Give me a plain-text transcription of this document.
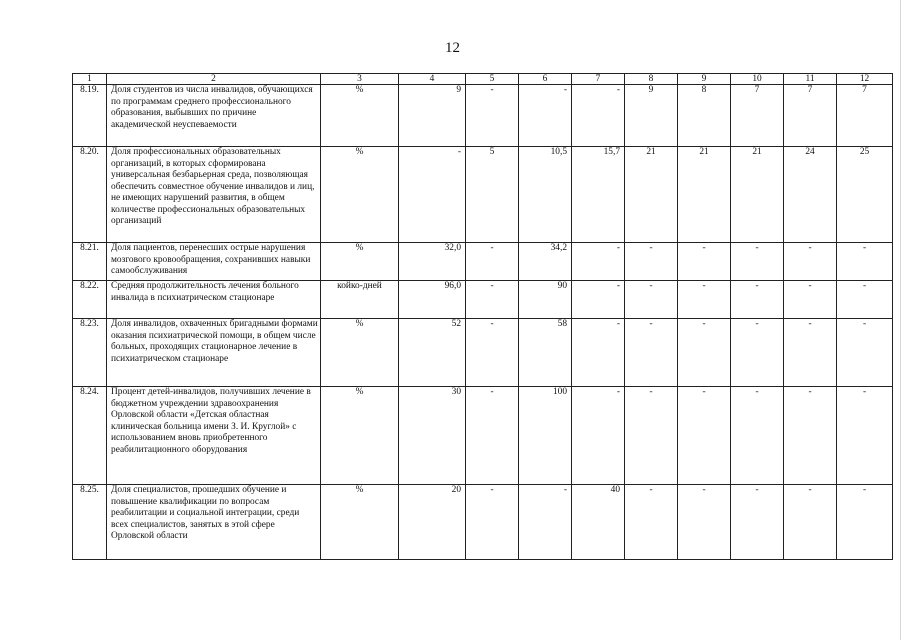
12
1	2	3	4	5	6	7	8	9	10	11	12
8.19.	Доля студентов из числа инвалидов, обучающихся по программам среднего профессионального образования, выбывших по причине академической неуспеваемости	%	9	-	-	-	9	8	7	7	7
8.20.	Доля профессиональных образовательных организаций, в которых сформирована универсальная безбарьерная среда, позволяющая обеспечить совместное обучение инвалидов и лиц, не имеющих нарушений развития, в общем количестве профессиональных образовательных организаций	%	-	5	10,5	15,7	21	21	21	24	25
8.21.	Доля пациентов, перенесших острые нарушения мозгового кровообращения, сохранивших навыки самообслуживания	%	32,0	-	34,2	-	-	-	-	-	-
8.22.	Средняя продолжительность лечения больного инвалида в психиатрическом стационаре	койко-дней	96,0	-	90	-	-	-	-	-	-
8.23.	Доля инвалидов, охваченных бригадными формами оказания психиатрической помощи, в общем числе больных, проходящих стационарное лечение в психиатрическом стационаре	%	52	-	58	-	-	-	-	-	-
8.24.	Процент детей-инвалидов, получивших лечение в бюджетном учреждении здравоохранения Орловской области «Детская областная клиническая больница имени З. И. Круглой» с использованием вновь приобретенного реабилитационного оборудования	%	30	-	100	-	-	-	-	-	-
8.25.	Доля специалистов, прошедших обучение и повышение квалификации по вопросам реабилитации и социальной интеграции, среди всех специалистов, занятых в этой сфере Орловской области	%	20	-	-	40	-	-	-	-	-
